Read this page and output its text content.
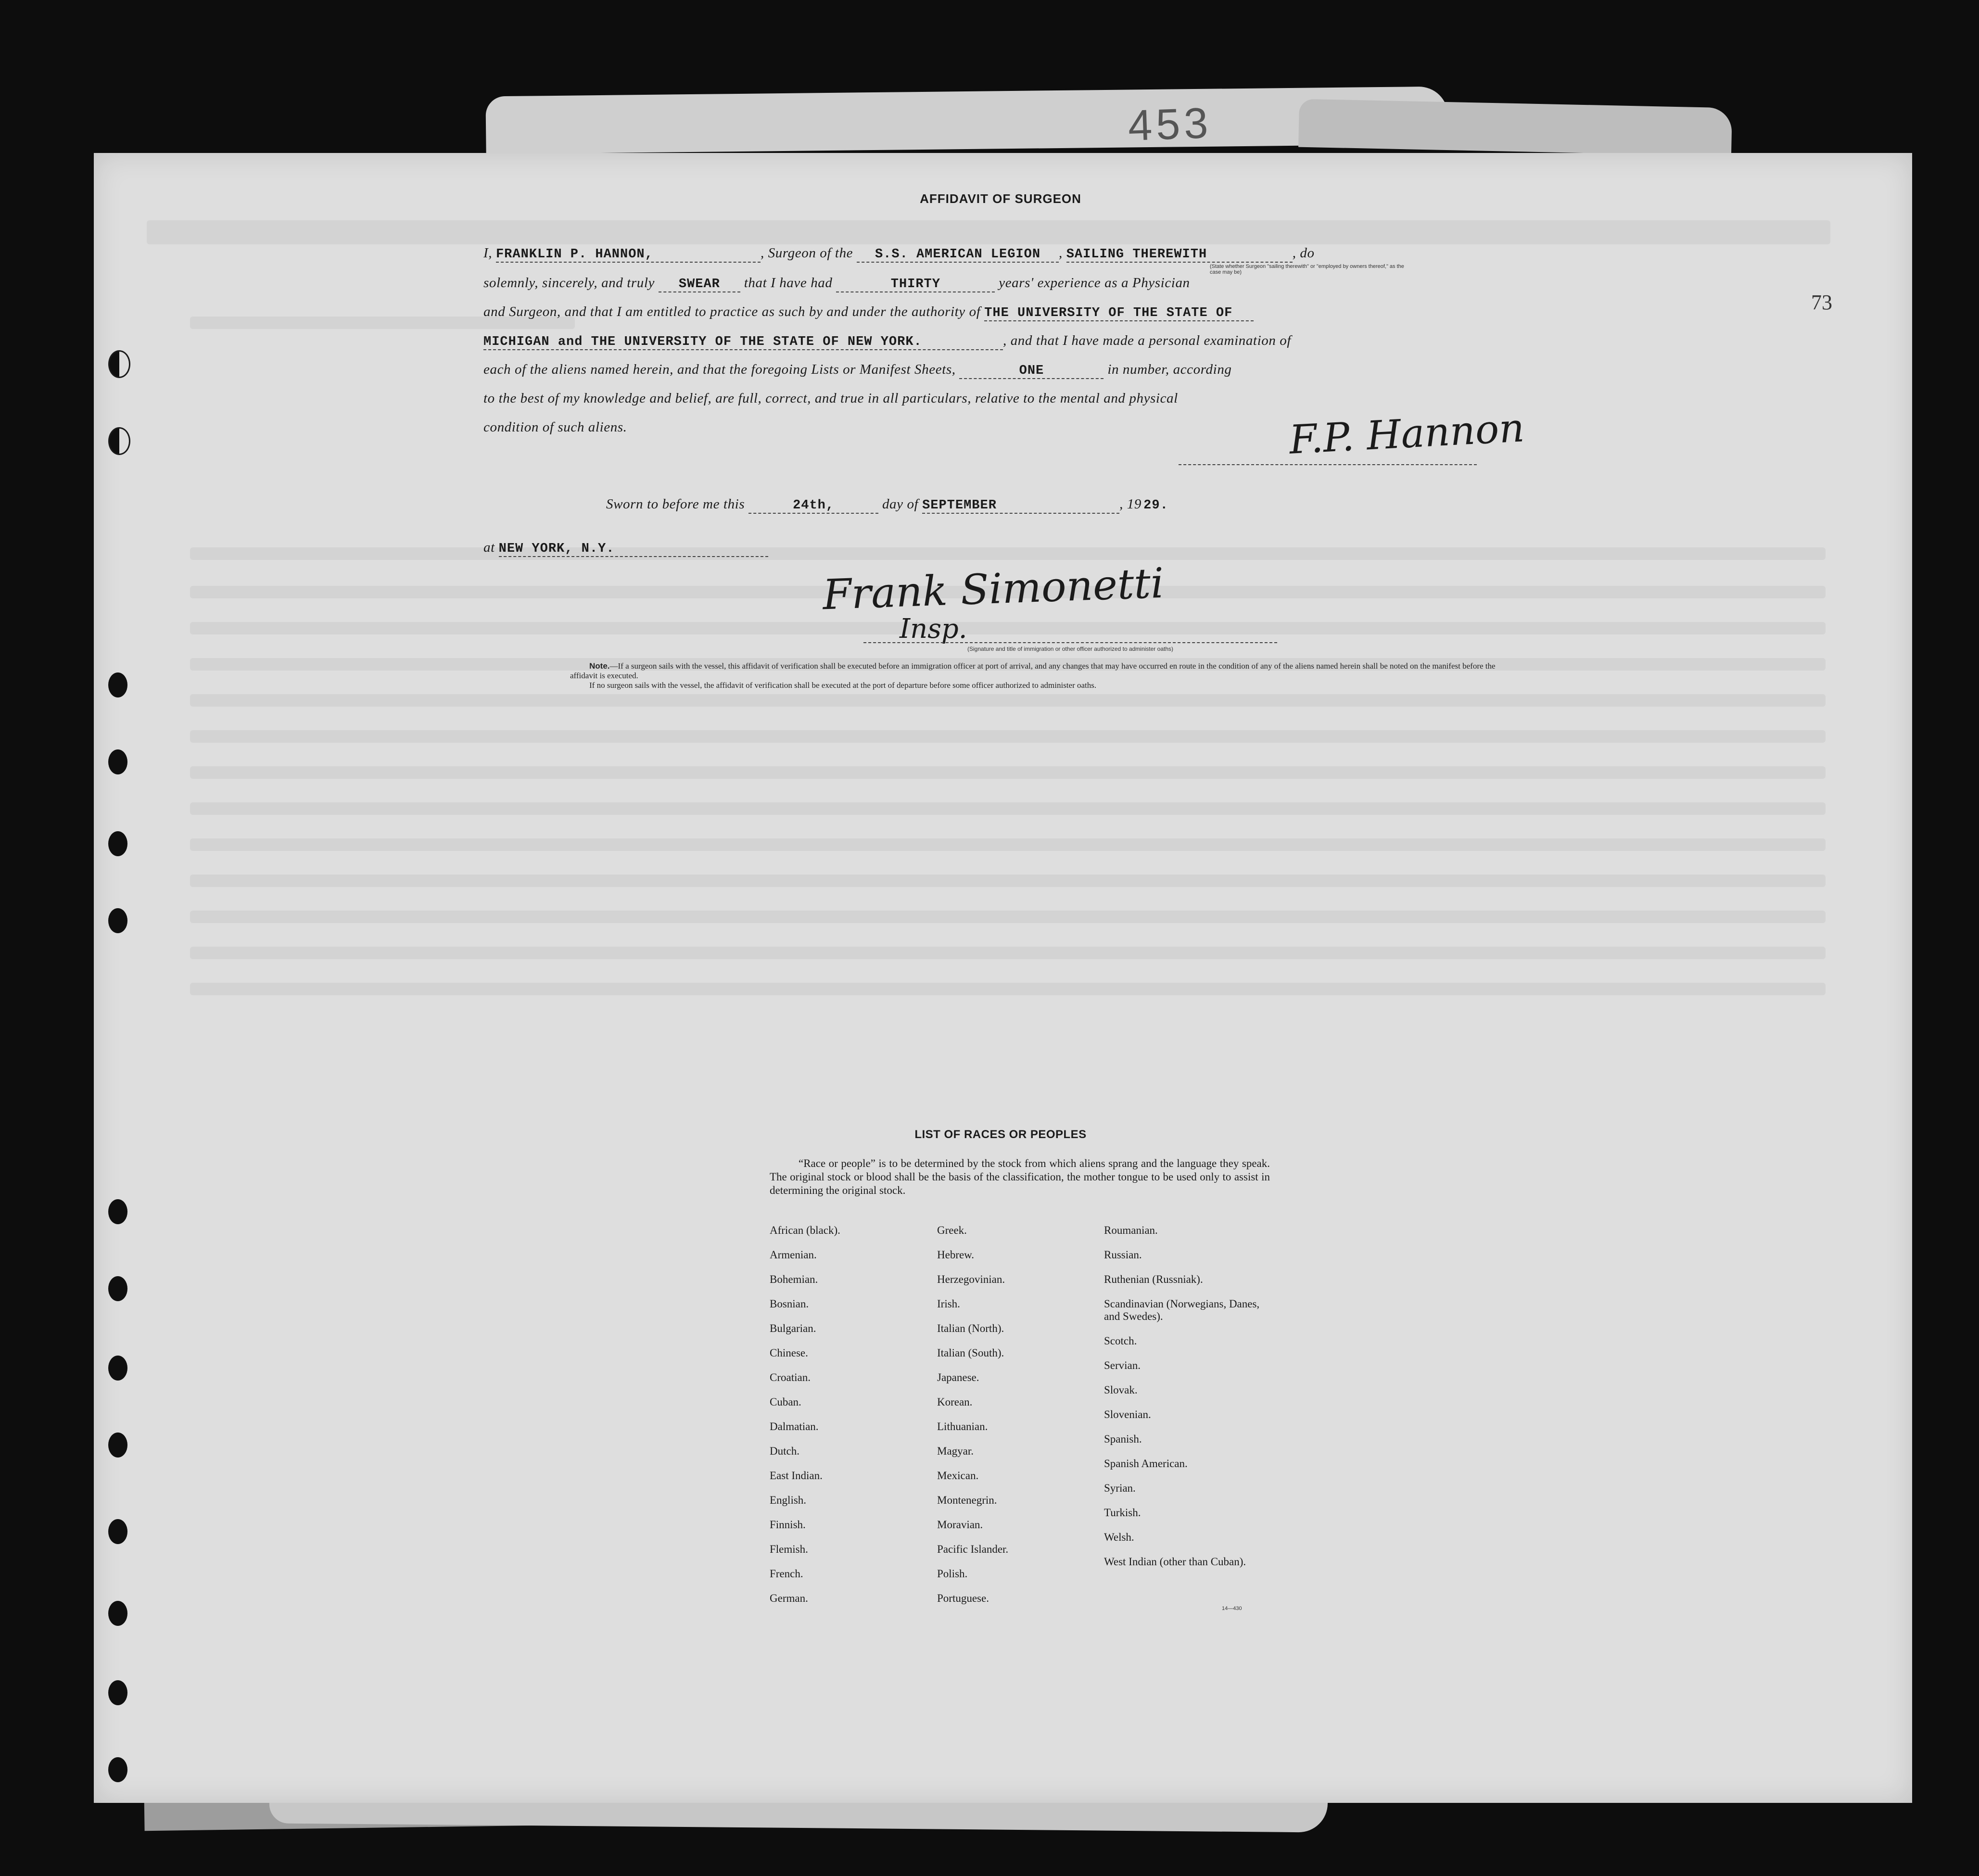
453
73
AFFIDAVIT OF SURGEON
I, FRANKLIN P. HANNON,	, Surgeon of the S.S. AMERICAN LEGION , SAILING THEREWITH	, do
(State whether Surgeon "sailing therewith" or "employed by owners thereof," as the case may be)
solemnly, sincerely, and truly SWEAR that I have had	THIRTY	years' experience as a Physician
and Surgeon, and that I am entitled to practice as such by and under the authority of THE UNIVERSITY OF THE STATE OF
MICHIGAN and THE UNIVERSITY OF THE STATE OF NEW YORK.	, and that I have made a personal examination of
each of the aliens named herein, and that the foregoing Lists or Manifest Sheets,	ONE	in number, according
to the best of my knowledge and belief, are full, correct, and true in all particulars, relative to the mental and physical
condition of such aliens.	F.P. Hannon
Sworn to before me this	24th,	day of SEPTEMBER	, 19 29.
at NEW YORK, N.Y.
Frank Simonetti
Insp.
(Signature and title of immigration or other officer authorized to administer oaths)
Note.—If a surgeon sails with the vessel, this affidavit of verification shall be executed before an immigration officer at port of arrival, and any changes that may have occurred en route in the condition of any of the aliens named herein shall be noted on the manifest before the affidavit is executed.
If no surgeon sails with the vessel, the affidavit of verification shall be executed at the port of departure before some officer authorized to administer oaths.
LIST OF RACES OR PEOPLES
“Race or people” is to be determined by the stock from which aliens sprang and the language they speak. The original stock or blood shall be the basis of the classification, the mother tongue to be used only to assist in determining the original stock.
African (black).
Armenian.
Bohemian.
Bosnian.
Bulgarian.
Chinese.
Croatian.
Cuban.
Dalmatian.
Dutch.
East Indian.
English.
Finnish.
Flemish.
French.
German.
Greek.
Hebrew.
Herzegovinian.
Irish.
Italian (North).
Italian (South).
Japanese.
Korean.
Lithuanian.
Magyar.
Mexican.
Montenegrin.
Moravian.
Pacific Islander.
Polish.
Portuguese.
Roumanian.
Russian.
Ruthenian (Russniak).
Scandinavian (Norwegians, Danes, and Swedes).
Scotch.
Servian.
Slovak.
Slovenian.
Spanish.
Spanish American.
Syrian.
Turkish.
Welsh.
West Indian (other than Cuban).
14—430
